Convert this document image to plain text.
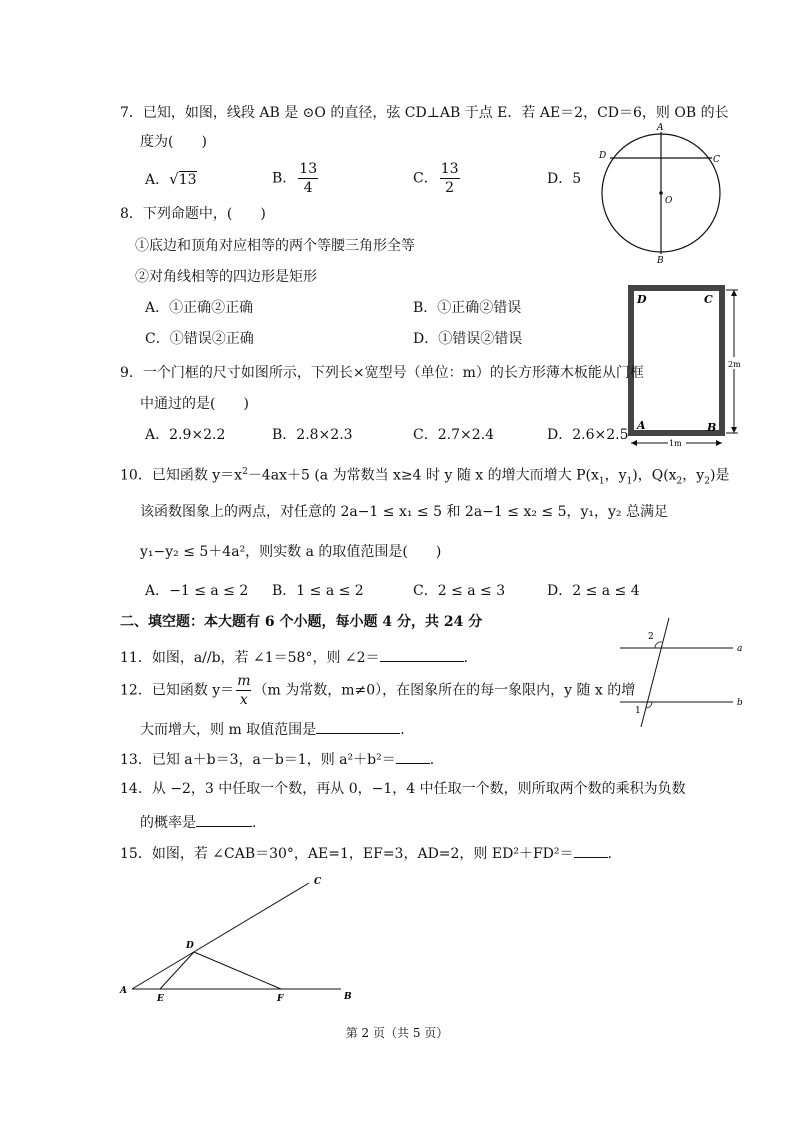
7．已知，如图，线段 AB 是 ⊙O 的直径，弦 CD⊥AB 于点 E．若 AE＝2，CD＝6，则 OB 的长
度为(　　)
A．√13	B． $\frac{13}{4}$	C． $\frac{13}{2}$	D．5
A
B
C
D
O
8．下列命题中，(　　)
①底边和顶角对应相等的两个等腰三角形全等
②对角线相等的四边形是矩形
A．①正确②正确	B．①正确②错误
C．①错误②正确	D．①错误②错误
D	C
A	B
2m
1m
9．一个门框的尺寸如图所示，下列长×宽型号（单位：m）的长方形薄木板能从门框
中通过的是(　　)
A．2.9×2.2	B．2.8×2.3	C．2.7×2.4	D．2.6×2.5
10．已知函数 $y=x^2-4ax+5$ (a 为常数当 x≥4 时 y 随 x 的增大而增大 $P(x_1$，$y_1$)，$Q(x_2$，$y_2$)是
该函数图象上的两点，对任意的 2a−1 ≤ x₁ ≤ 5 和 2a−1 ≤ x₂ ≤ 5，y₁，y₂ 总满足
y₁−y₂ ≤ 5＋4a²，则实数 a 的取值范围是(　　)
A．−1 ≤ a ≤ 2 B．1 ≤ a ≤ 2	C．2 ≤ a ≤ 3	D．2 ≤ a ≤ 4
二、填空题：本大题有 6 个小题，每小题 4 分，共 24 分
a
b
2
1
11．如图，a//b，若 ∠1＝58°，则 ∠2＝	.
12．已知函数 $y= \frac{m}{x} (m$ 为常数，m≠0），在图象所在的每一象限内，y 随 x 的增
大而增大，则 m 取值范围是	.
13．已知 a＋b＝3，a－b＝1，则 a²＋b²＝ .
14．从 −2，3 中任取一个数，再从 0，−1，4 中任取一个数，则所取两个数的乘积为负数
的概率是	.
15．如图，若 ∠CAB＝30°，AE=1，EF=3，AD=2，则 ED²＋FD²＝ .
A
B
C
D
E	F
第 2 页（共 5 页）
